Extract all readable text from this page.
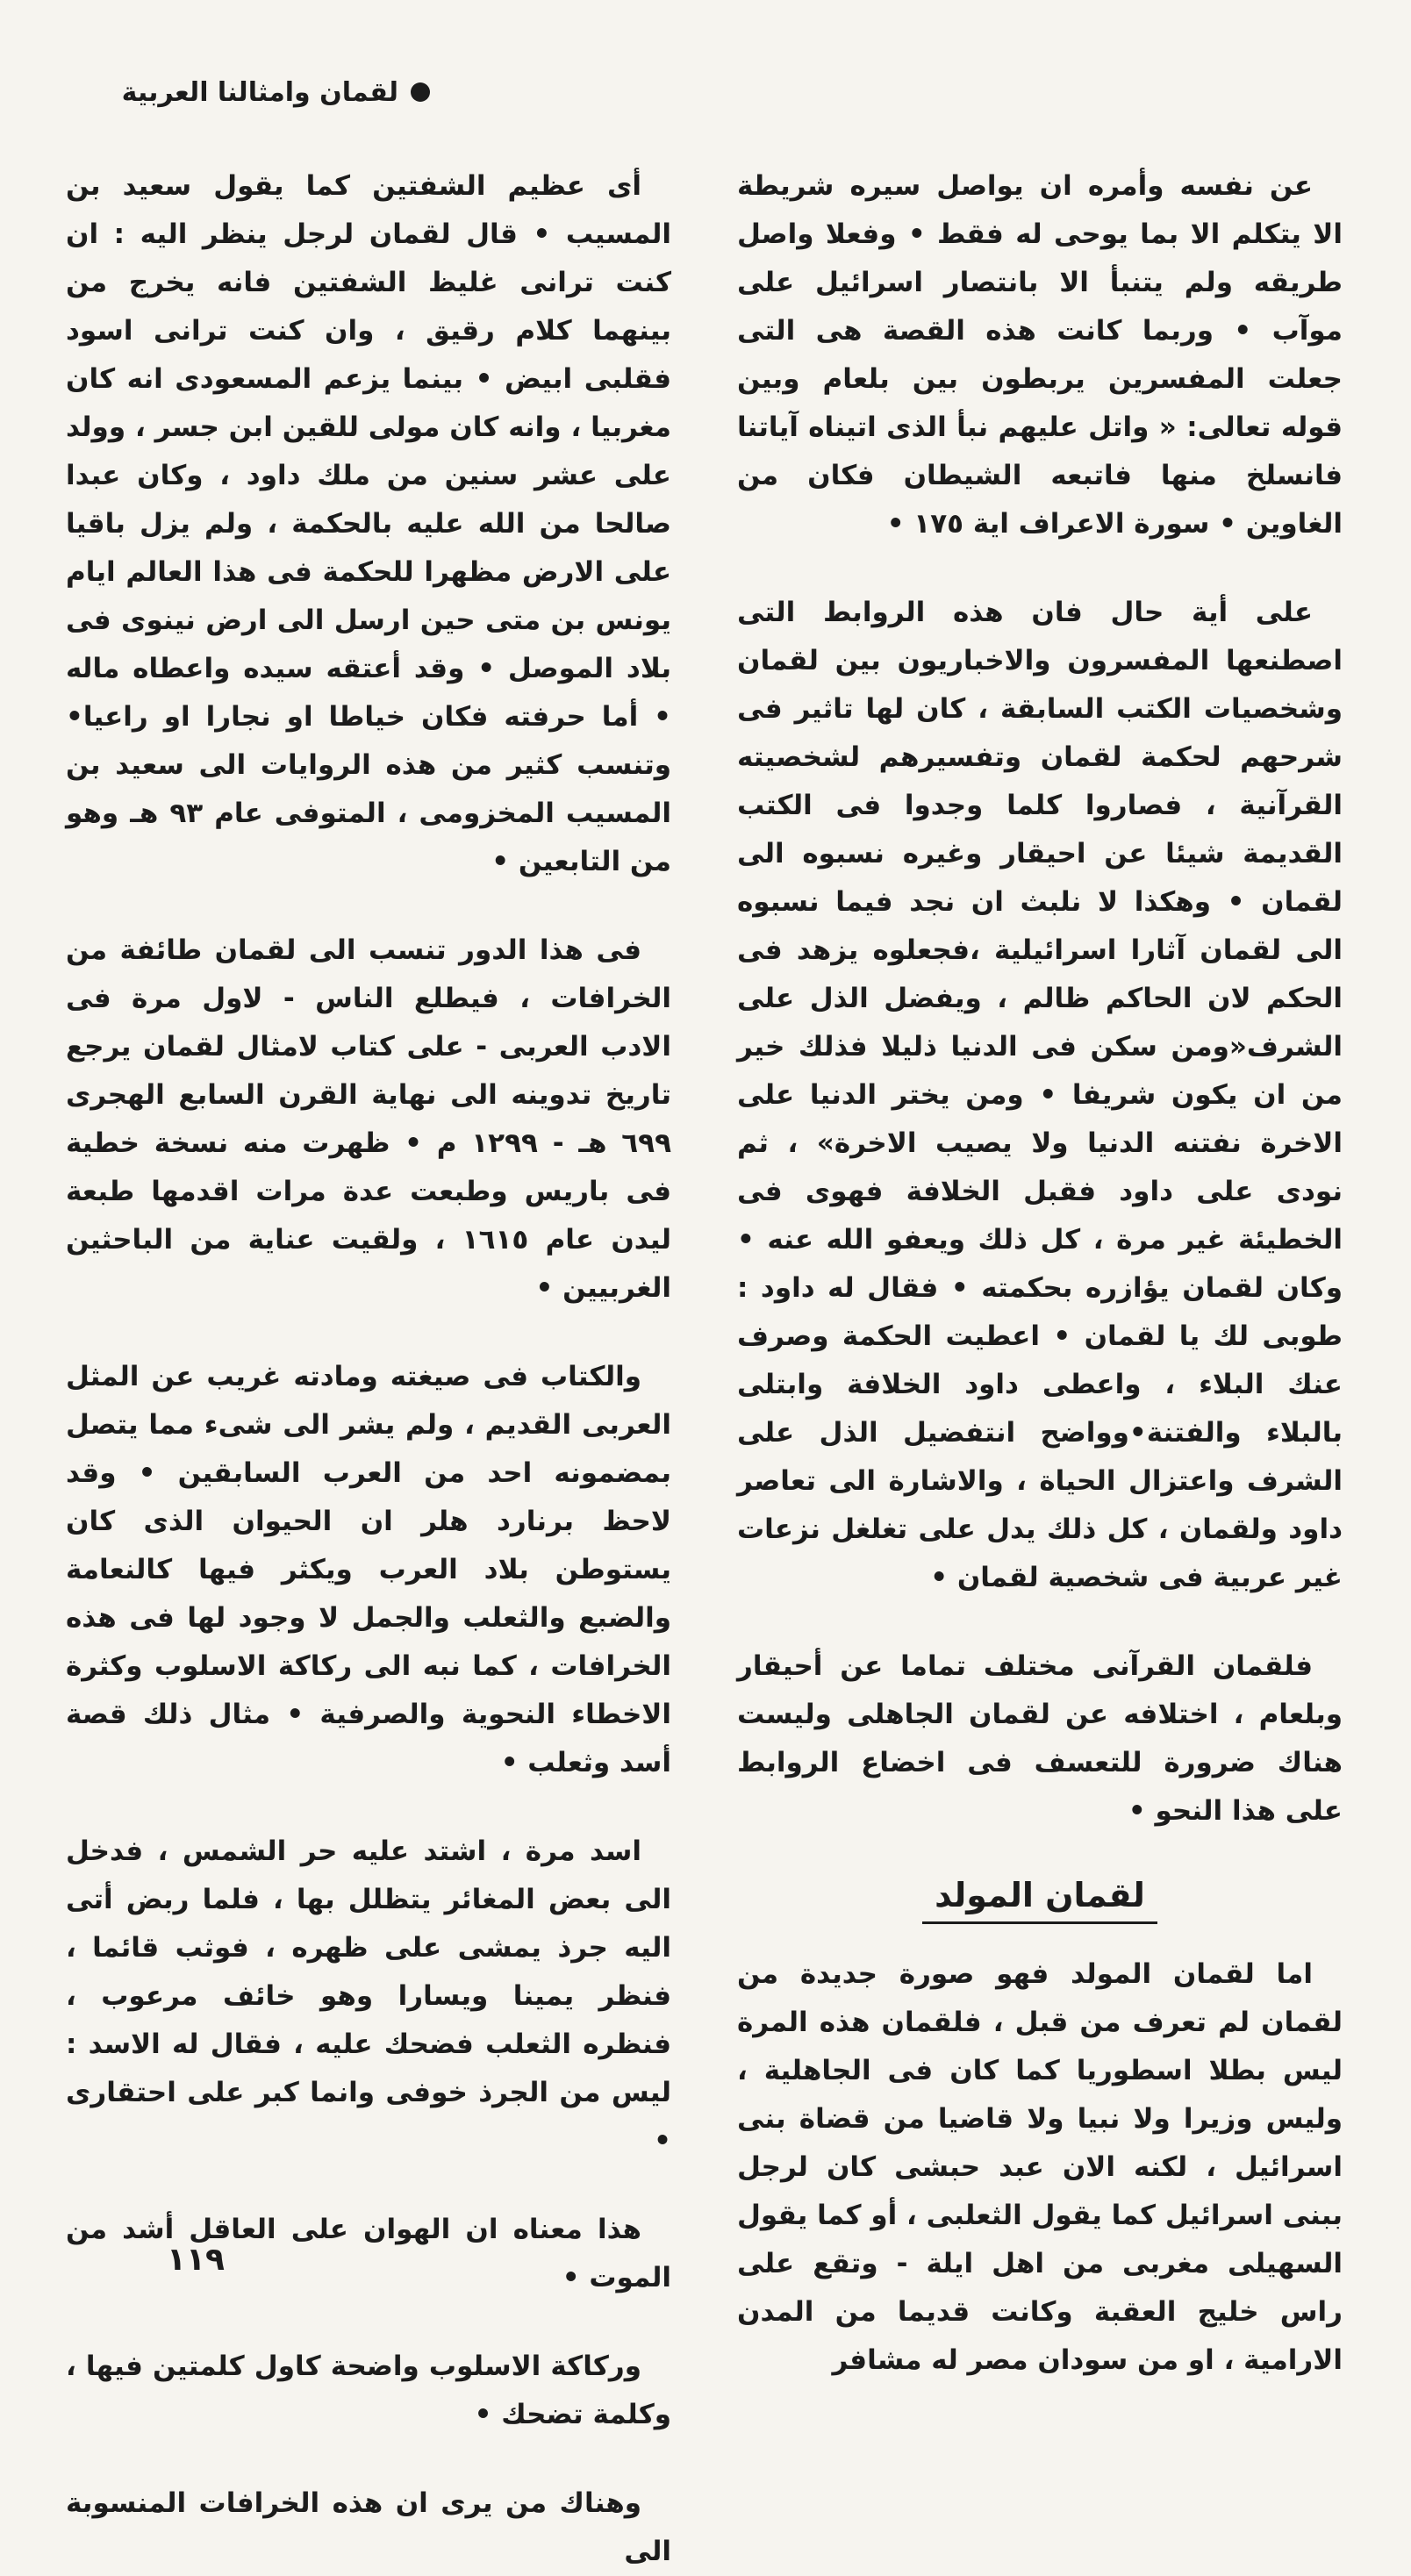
لقمان وامثالنا العربية

عن نفسه وأمره ان يواصل سيره شريطة الا يتكلم الا بما يوحى له فقط • وفعلا واصل طريقه ولم يتنبأ الا بانتصار اسرائيل على موآب • وربما كانت هذه القصة هى التى جعلت المفسرين يربطون بين بلعام وبين قوله تعالى: « واتل عليهم نبأ الذى اتيناه آياتنا فانسلخ منها فاتبعه الشيطان فكان من الغاوين • سورة الاعراف اية ١٧٥ •

على أية حال فان هذه الروابط التى اصطنعها المفسرون والاخباريون بين لقمان وشخصيات الكتب السابقة ، كان لها تاثير فى شرحهم لحكمة لقمان وتفسيرهم لشخصيته القرآنية ، فصاروا كلما وجدوا فى الكتب القديمة شيئا عن احيقار وغيره نسبوه الى لقمان • وهكذا لا نلبث ان نجد فيما نسبوه الى لقمان آثارا اسرائيلية ،فجعلوه يزهد فى الحكم لان الحاكم ظالم ، ويفضل الذل على الشرف«ومن سكن فى الدنيا ذليلا فذلك خير من ان يكون شريفا • ومن يختر الدنيا على الاخرة نفتنه الدنيا ولا يصيب الاخرة» ، ثم نودى على داود فقبل الخلافة فهوى فى الخطيئة غير مرة ، كل ذلك ويعفو الله عنه • وكان لقمان يؤازره بحكمته • فقال له داود : طوبى لك يا لقمان • اعطيت الحكمة وصرف عنك البلاء ، واعطى داود الخلافة وابتلى بالبلاء والفتنة•وواضح انتفضيل الذل على الشرف واعتزال الحياة ، والاشارة الى تعاصر داود ولقمان ، كل ذلك يدل على تغلغل نزعات غير عربية فى شخصية لقمان •

فلقمان القرآنى مختلف تماما عن أحيقار وبلعام ، اختلافه عن لقمان الجاهلى وليست هناك ضرورة للتعسف فى اخضاع الروابط على هذا النحو •

لقمان المولد

اما لقمان المولد فهو صورة جديدة من لقمان لم تعرف من قبل ، فلقمان هذه المرة ليس بطلا اسطوريا كما كان فى الجاهلية ، وليس وزيرا ولا نبيا ولا قاضيا من قضاة بنى اسرائيل ، لكنه الان عبد حبشى كان لرجل ببنى اسرائيل كما يقول الثعلبى ، أو كما يقول السهيلى مغربى من اهل ايلة - وتقع على راس خليج العقبة وكانت قديما من المدن الارامية ، او من سودان مصر له مشافر

أى عظيم الشفتين كما يقول سعيد بن المسيب • قال لقمان لرجل ينظر اليه : ان كنت ترانى غليظ الشفتين فانه يخرج من بينهما كلام رقيق ، وان كنت ترانى اسود فقلبى ابيض • بينما يزعم المسعودى انه كان مغربيا ، وانه كان مولى للقين ابن جسر ، وولد على عشر سنين من ملك داود ، وكان عبدا صالحا من الله عليه بالحكمة ، ولم يزل باقيا على الارض مظهرا للحكمة فى هذا العالم ايام يونس بن متى حين ارسل الى ارض نينوى فى بلاد الموصل • وقد أعتقه سيده واعطاه ماله • أما حرفته فكان خياطا او نجارا او راعيا• وتنسب كثير من هذه الروايات الى سعيد بن المسيب المخزومى ، المتوفى عام ٩٣ هـ وهو من التابعين •

فى هذا الدور تنسب الى لقمان طائفة من الخرافات ، فيطلع الناس - لاول مرة فى الادب العربى - على كتاب لامثال لقمان يرجع تاريخ تدوينه الى نهاية القرن السابع الهجرى ٦٩٩ هـ - ١٢٩٩ م • ظهرت منه نسخة خطية فى باريس وطبعت عدة مرات اقدمها طبعة ليدن عام ١٦١٥ ، ولقيت عناية من الباحثين الغربيين •

والكتاب فى صيغته ومادته غريب عن المثل العربى القديم ، ولم يشر الى شىء مما يتصل بمضمونه احد من العرب السابقين • وقد لاحظ برنارد هلر ان الحيوان الذى كان يستوطن بلاد العرب ويكثر فيها كالنعامة والضبع والثعلب والجمل لا وجود لها فى هذه الخرافات ، كما نبه الى ركاكة الاسلوب وكثرة الاخطاء النحوية والصرفية • مثال ذلك قصة أسد وثعلب •

اسد مرة ، اشتد عليه حر الشمس ، فدخل الى بعض المغائر يتظلل بها ، فلما ربض أتى اليه جرذ يمشى على ظهره ، فوثب قائما ، فنظر يمينا ويسارا وهو خائف مرعوب ، فنظره الثعلب فضحك عليه ، فقال له الاسد : ليس من الجرذ خوفى وانما كبر على احتقارى •

هذا معناه ان الهوان على العاقل أشد من الموت •

وركاكة الاسلوب واضحة كاول كلمتين فيها ، وكلمة تضحك •

وهناك من يرى ان هذه الخرافات المنسوبة الى

١١٩
